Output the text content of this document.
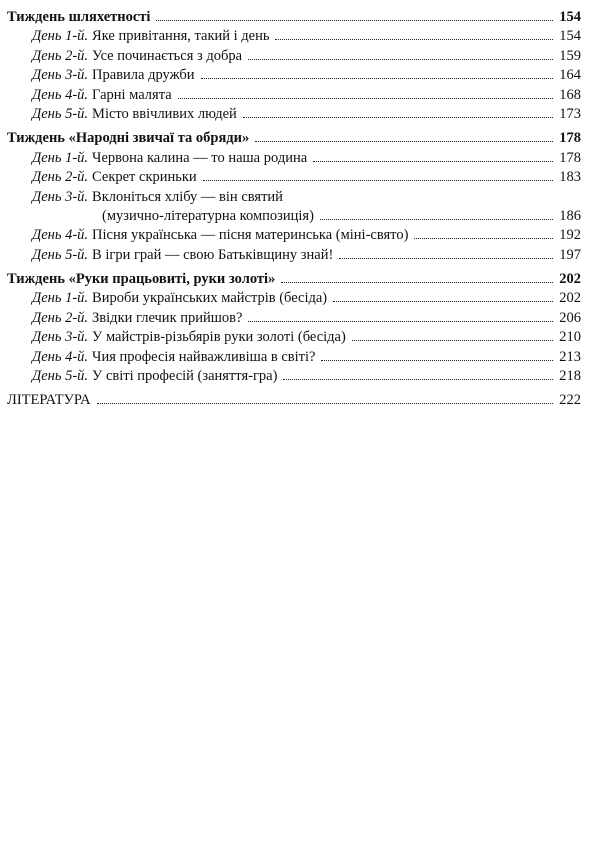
Тиждень шляхетності	154
День 1-й. Яке привітання, такий і день	154
День 2-й. Усе починається з добра	159
День 3-й. Правила дружби	164
День 4-й. Гарні малята	168
День 5-й. Місто ввічливих людей	173
Тиждень «Народні звичаї та обряди»	178
День 1-й. Червона калина — то наша родина	178
День 2-й. Секрет скриньки	183
День 3-й. Вклоніться хлібу — він святий
(музично-літературна композиція)	186
День 4-й. Пісня українська — пісня материнська (міні-свято)	192
День 5-й. В ігри грай — свою Батьківщину знай!	197
Тиждень «Руки працьовиті, руки золоті»	202
День 1-й. Вироби українських майстрів (бесіда)	202
День 2-й. Звідки глечик прийшов?	206
День 3-й. У майстрів-різьбярів руки золоті (бесіда)	210
День 4-й. Чия професія найважливіша в світі?	213
День 5-й. У світі професій (заняття-гра)	218
ЛІТЕРАТУРА	222
